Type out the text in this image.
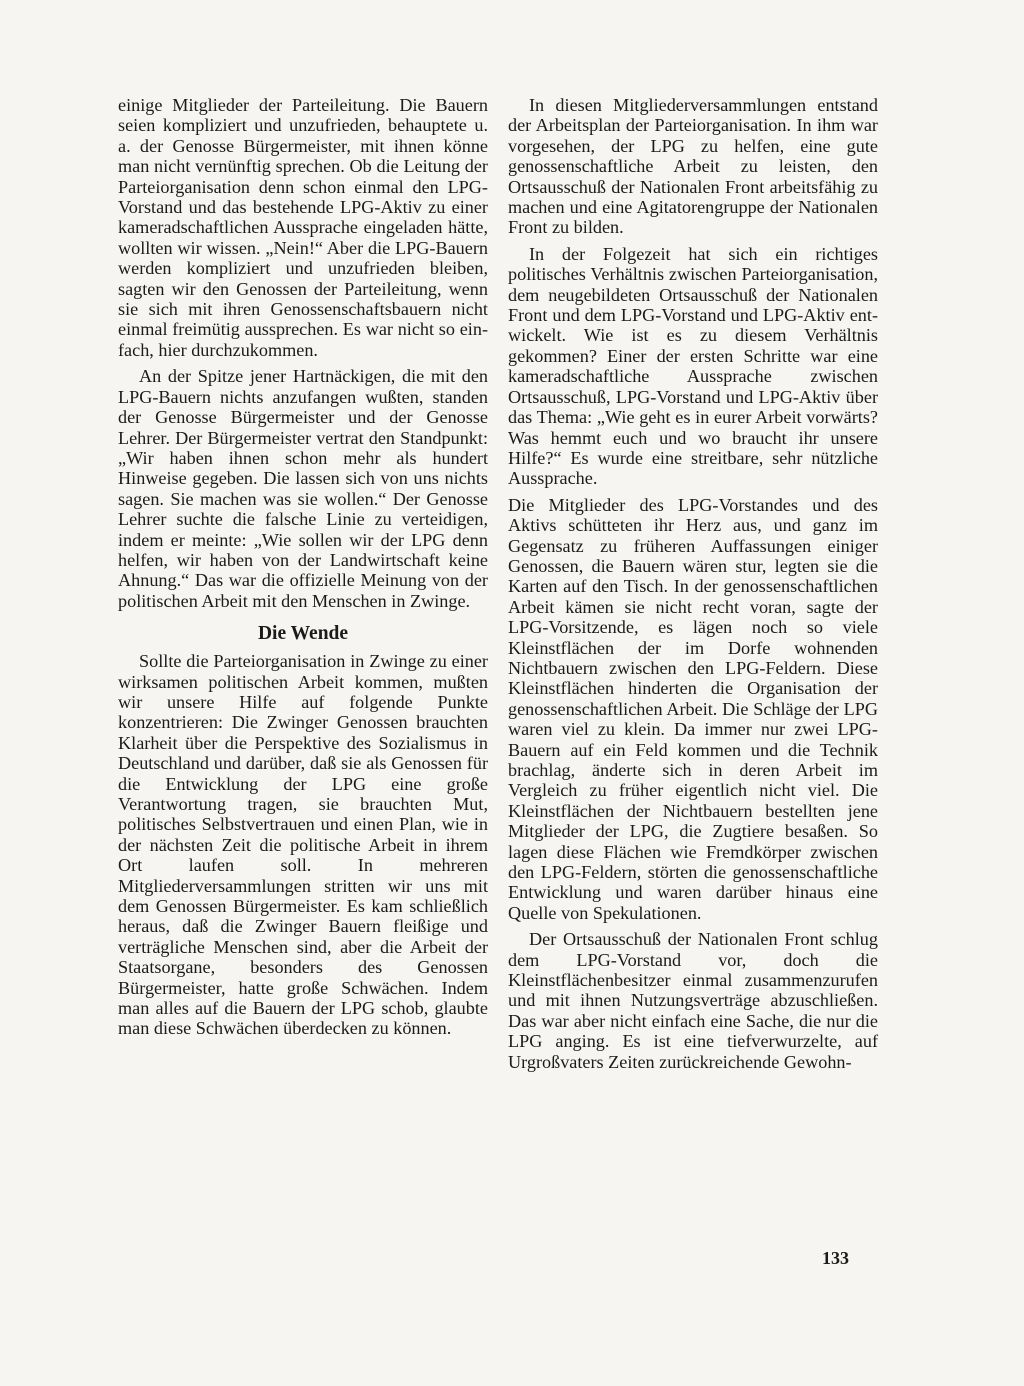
einige Mitglieder der Parteileitung. Die Bauern seien kompliziert und unzufrieden, behauptete u. a. der Genosse Bürgermeister, mit ihnen könne man nicht vernünftig sprechen. Ob die Leitung der Parteiorganisation denn schon einmal den LPG-Vorstand und das bestehende LPG-Aktiv zu einer kameradschaftlichen Aussprache eingeladen hätte, wollten wir wissen. „Nein!“ Aber die LPG-Bauern werden kompliziert und unzufrieden bleiben, sagten wir den Genossen der Parteileitung, wenn sie sich mit ihren Genossenschaftsbauern nicht einmal freimütig aussprechen. Es war nicht so einfach, hier durchzukommen.

An der Spitze jener Hartnäckigen, die mit den LPG-Bauern nichts anzufangen wußten, standen der Genosse Bürgermeister und der Genosse Lehrer. Der Bürgermeister vertrat den Standpunkt: „Wir haben ihnen schon mehr als hundert Hinweise gegeben. Die lassen sich von uns nichts sagen. Sie machen was sie wollen.“ Der Genosse Lehrer suchte die falsche Linie zu verteidigen, indem er meinte: „Wie sollen wir der LPG denn helfen, wir haben von der Landwirtschaft keine Ahnung.“ Das war die offizielle Meinung von der politischen Arbeit mit den Menschen in Zwinge.

Die Wende

Sollte die Parteiorganisation in Zwinge zu einer wirksamen politischen Arbeit kommen, mußten wir unsere Hilfe auf folgende Punkte konzentrieren: Die Zwinger Genossen brauchten Klarheit über die Perspektive des Sozialismus in Deutschland und darüber, daß sie als Genossen für die Entwicklung der LPG eine große Verantwortung tragen, sie brauchten Mut, politisches Selbstvertrauen und einen Plan, wie in der nächsten Zeit die politische Arbeit in ihrem Ort laufen soll. In mehreren Mitgliederversammlungen stritten wir uns mit dem Genossen Bürgermeister. Es kam schließlich heraus, daß die Zwinger Bauern fleißige und verträgliche Menschen sind, aber die Arbeit der Staatsorgane, besonders des Genossen Bürgermeister, hatte große Schwächen. Indem man alles auf die Bauern der LPG schob, glaubte man diese Schwächen überdecken zu können.

In diesen Mitgliederversammlungen entstand der Arbeitsplan der Parteiorganisation. In ihm war vorgesehen, der LPG zu helfen, eine gute genossenschaftliche Arbeit zu leisten, den Ortsausschuß der Nationalen Front arbeitsfähig zu machen und eine Agitatorengruppe der Nationalen Front zu bilden.

In der Folgezeit hat sich ein richtiges politisches Verhältnis zwischen Parteiorganisation, dem neugebildeten Ortsausschuß der Nationalen Front und dem LPG-Vorstand und LPG-Aktiv entwickelt. Wie ist es zu diesem Verhältnis gekommen? Einer der ersten Schritte war eine kameradschaftliche Aussprache zwischen Ortsausschuß, LPG-Vorstand und LPG-Aktiv über das Thema: „Wie geht es in eurer Arbeit vorwärts? Was hemmt euch und wo braucht ihr unsere Hilfe?“ Es wurde eine streitbare, sehr nützliche Aussprache.

Die Mitglieder des LPG-Vorstandes und des Aktivs schütteten ihr Herz aus, und ganz im Gegensatz zu früheren Auffassungen einiger Genossen, die Bauern wären stur, legten sie die Karten auf den Tisch. In der genossenschaftlichen Arbeit kämen sie nicht recht voran, sagte der LPG-Vorsitzende, es lägen noch so viele Kleinstflächen der im Dorfe wohnenden Nichtbauern zwischen den LPG-Feldern. Diese Kleinstflächen hinderten die Organisation der genossenschaftlichen Arbeit. Die Schläge der LPG waren viel zu klein. Da immer nur zwei LPG-Bauern auf ein Feld kommen und die Technik brachlag, änderte sich in deren Arbeit im Vergleich zu früher eigentlich nicht viel. Die Kleinstflächen der Nichtbauern bestellten jene Mitglieder der LPG, die Zugtiere besaßen. So lagen diese Flächen wie Fremdkörper zwischen den LPG-Feldern, störten die genossenschaftliche Entwicklung und waren darüber hinaus eine Quelle von Spekulationen.

Der Ortsausschuß der Nationalen Front schlug dem LPG-Vorstand vor, doch die Kleinstflächenbesitzer einmal zusammenzurufen und mit ihnen Nutzungsverträge abzuschließen. Das war aber nicht einfach eine Sache, die nur die LPG anging. Es ist eine tiefverwurzelte, auf Urgroßvaters Zeiten zurückreichende Gewohn-

133
